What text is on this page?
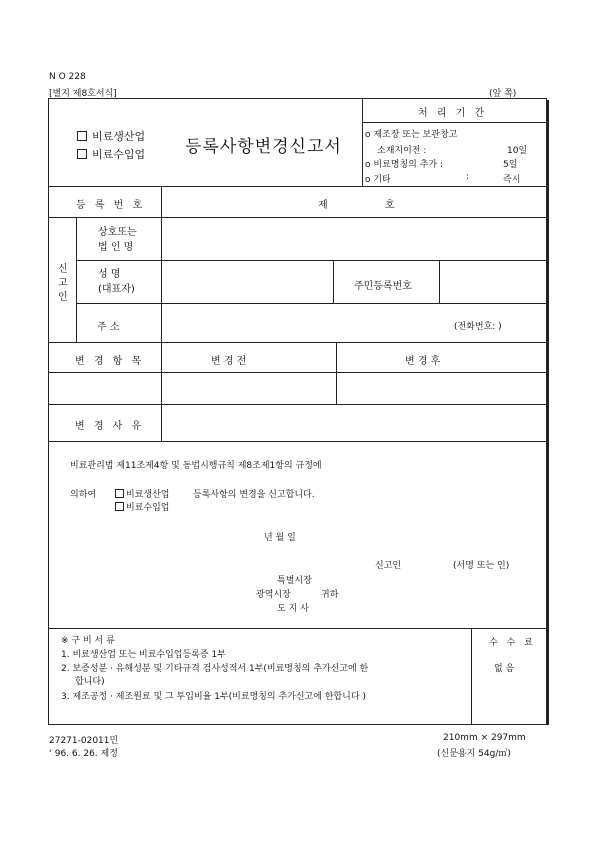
N O 228
[별지 제8호서식]	(앞 쪽)
비료생산업
비료수입업 등록사항변경신고서
처 리 기 간
o 제조장 또는 보관창고
소재지이전 :	10일
o 비료명칭의 추가 :	5일
o 기타	:	즉시
등 록 번 호	제	호
신
고
인
상호또는
법 인 명
성 명
(대표자)	주민등록번호
주 소	(전화번호: )
변 경 항 목	변 경 전	변 경 후
변 경 사 유
비료관리법 제11조제4항 및 동법시행규칙 제8조제1항의 규정에
의하여	비료생산업	등록사항의 변경을 신고합니다.
비료수입업
년 월 일
신고인	(서명 또는 인)
특별시장
광역시장	귀하
도 지 사
※ 구 비 서 류
1. 비료생산업 또는 비료수입업등록증 1부
2. 보증성분 · 유해성분 및 기타규격 검사성적서 1부(비료명칭의 추가신고에 한
합니다)
3. 제조공정 · 제조원료 및 그 투입비율 1부(비료명칭의 추가신고에 한합니다 )
수 수 료
없 음
27271-02011민
‘ 96. 6. 26. 제정
210mm × 297mm
(신문용지 54g/㎡)
